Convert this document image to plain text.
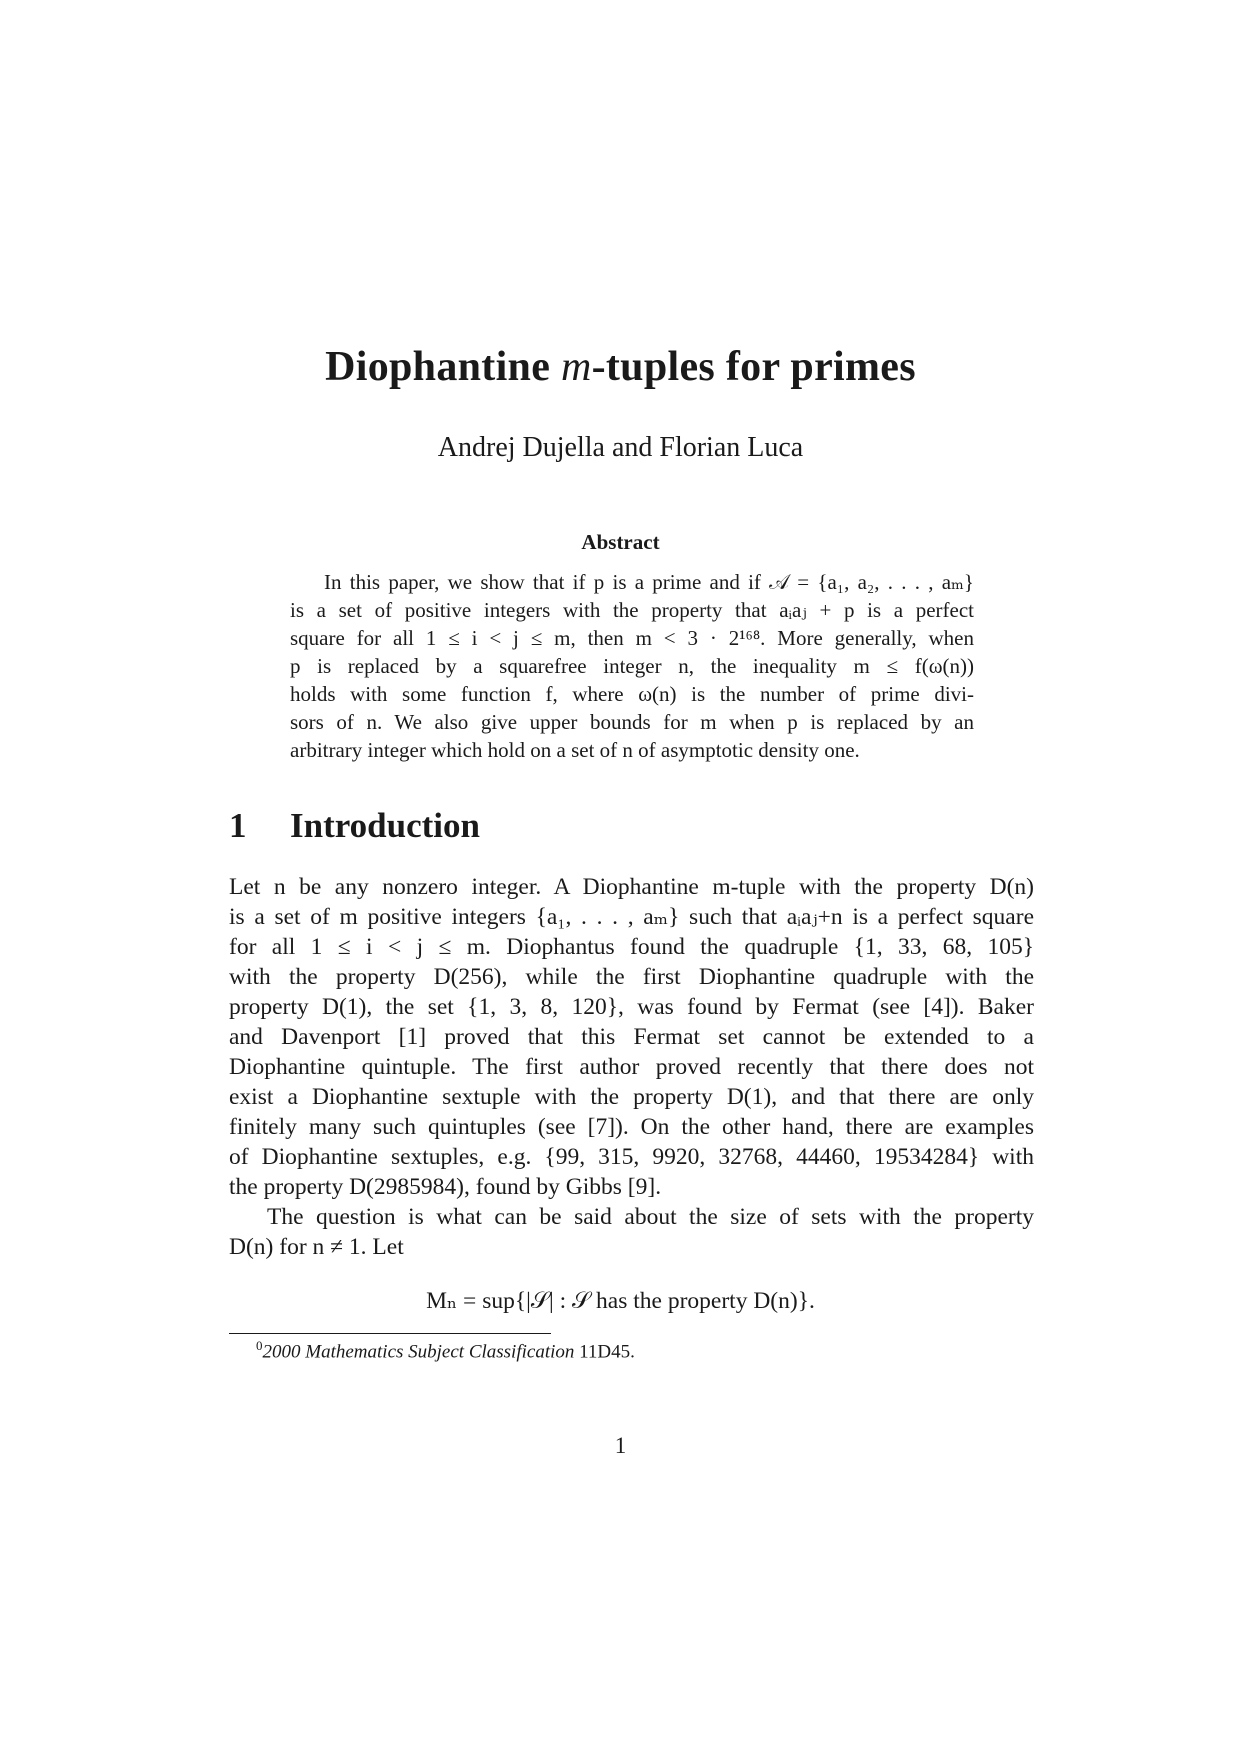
Diophantine m-tuples for primes
Andrej Dujella and Florian Luca
Abstract
In this paper, we show that if p is a prime and if 𝒜 = {a₁, a₂, . . . , aₘ}
is a set of positive integers with the property that aᵢaⱼ + p is a perfect
square for all 1 ≤ i < j ≤ m, then m < 3 · 2¹⁶⁸. More generally, when
p is replaced by a squarefree integer n, the inequality m ≤ f(ω(n))
holds with some function f, where ω(n) is the number of prime divi-
sors of n. We also give upper bounds for m when p is replaced by an
arbitrary integer which hold on a set of n of asymptotic density one.
1 Introduction
Let n be any nonzero integer. A Diophantine m-tuple with the property D(n)
is a set of m positive integers {a₁, . . . , aₘ} such that aᵢaⱼ+n is a perfect square
for all 1 ≤ i < j ≤ m. Diophantus found the quadruple {1, 33, 68, 105}
with the property D(256), while the first Diophantine quadruple with the
property D(1), the set {1, 3, 8, 120}, was found by Fermat (see [4]). Baker
and Davenport [1] proved that this Fermat set cannot be extended to a
Diophantine quintuple. The first author proved recently that there does not
exist a Diophantine sextuple with the property D(1), and that there are only
finitely many such quintuples (see [7]). On the other hand, there are examples
of Diophantine sextuples, e.g. {99, 315, 9920, 32768, 44460, 19534284} with
the property D(2985984), found by Gibbs [9].
The question is what can be said about the size of sets with the property
D(n) for n ≠ 1. Let
Mₙ = sup{|𝒮| : 𝒮 has the property D(n)}.
$^0$2000 Mathematics Subject Classification 11D45.
1
